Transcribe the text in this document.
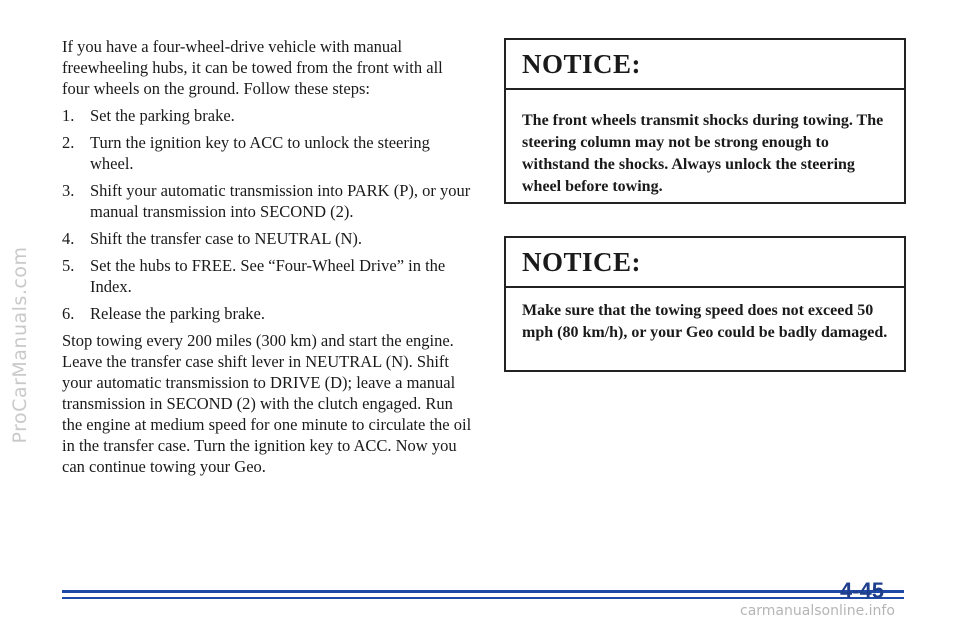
ProCarManuals.com

If you have a four-wheel-drive vehicle with manual freewheeling hubs, it can be towed from the front with all four wheels on the ground. Follow these steps:

1. Set the parking brake.
2. Turn the ignition key to ACC to unlock the steering wheel.
3. Shift your automatic transmission into PARK (P), or your manual transmission into SECOND (2).
4. Shift the transfer case to NEUTRAL (N).
5. Set the hubs to FREE. See “Four-Wheel Drive” in the Index.
6. Release the parking brake.

Stop towing every 200 miles (300 km) and start the engine. Leave the transfer case shift lever in NEUTRAL (N). Shift your automatic transmission to DRIVE (D); leave a manual transmission in SECOND (2) with the clutch engaged. Run the engine at medium speed for one minute to circulate the oil in the transfer case. Turn the ignition key to ACC. Now you can continue towing your Geo.

NOTICE:
The front wheels transmit shocks during towing. The steering column may not be strong enough to withstand the shocks. Always unlock the steering wheel before towing.
NOTICE:
Make sure that the towing speed does not exceed 50 mph (80 km/h), or your Geo could be badly damaged.
4-45
carmanualsonline.info
